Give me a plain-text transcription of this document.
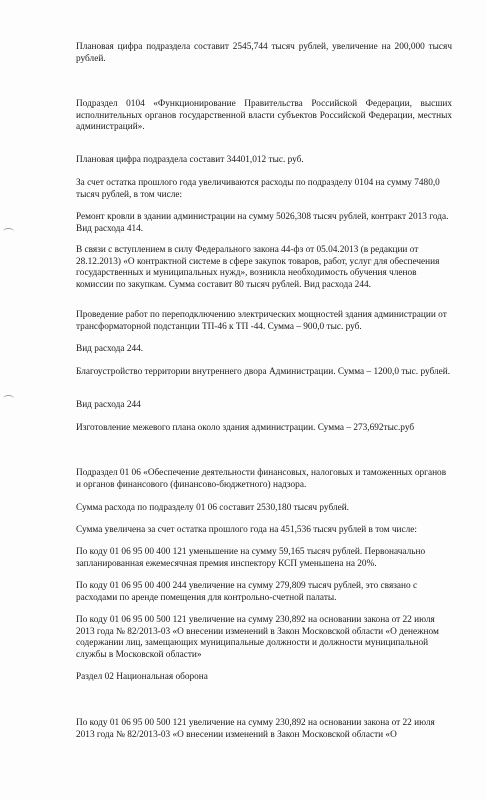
Плановая цифра подраздела составит 2545,744 тысяч рублей, увеличение на 200,000 тысяч рублей.

Подраздел 0104 «Функционирование Правительства Российской Федерации, высших исполнительных органов государственной власти субъектов Российской Федерации, местных администраций».

Плановая цифра подраздела составит 34401,012 тыс. руб.

За счет остатка прошлого года увеличиваются расходы по подразделу 0104 на сумму 7480,0 тысяч рублей, в том числе:

Ремонт кровли в здании администрации на сумму 5026,308 тысяч рублей, контракт 2013 года. Вид расхода 414.

В связи с вступлением в силу Федерального закона 44-фз от 05.04.2013 (в редакции от 28.12.2013) «О контрактной системе в сфере закупок товаров, работ, услуг для обеспечения государственных и муниципальных нужд», возникла необходимость обучения членов комиссии по закупкам. Сумма составит 80 тысяч рублей. Вид расхода 244.

Проведение работ по переподключению электрических мощностей здания администрации от трансформаторной подстанции ТП-46 к ТП -44. Сумма – 900,0 тыс. руб.

Вид расхода 244.

Благоустройство территории внутреннего двора Администрации. Сумма – 1200,0 тыс. рублей.

Вид расхода 244

Изготовление межевого плана около здания администрации. Сумма – 273,692тыс.руб

Подраздел 01 06 «Обеспечение деятельности финансовых, налоговых и таможенных органов и органов финансового (финансово-бюджетного) надзора.

Сумма расхода по подразделу 01 06 составит 2530,180 тысяч рублей.

Сумма увеличена за счет остатка прошлого года на 451,536 тысяч рублей в том числе:

По коду 01 06 95 00 400 121 уменьшение на сумму 59,165 тысяч рублей. Первоначально запланированная ежемесячная премия инспектору КСП уменьшена на 20%.

По коду 01 06 95 00 400 244 увеличение на сумму 279,809 тысяч рублей, это связано с расходами по аренде помещения для контрольно-счетной палаты.

По коду 01 06 95 00 500 121 увеличение на сумму 230,892 на основании закона от 22 июля 2013 года № 82/2013-03 «О внесении изменений в Закон Московской области «О денежном содержании лиц, замещающих муниципальные должности и должности муниципальной службы в Московской области»

Раздел 02 Национальная оборона

По коду 01 06 95 00 500 121 увеличение на сумму 230,892 на основании закона от 22 июля 2013 года № 82/2013-03 «О внесении изменений в Закон Московской области «О
